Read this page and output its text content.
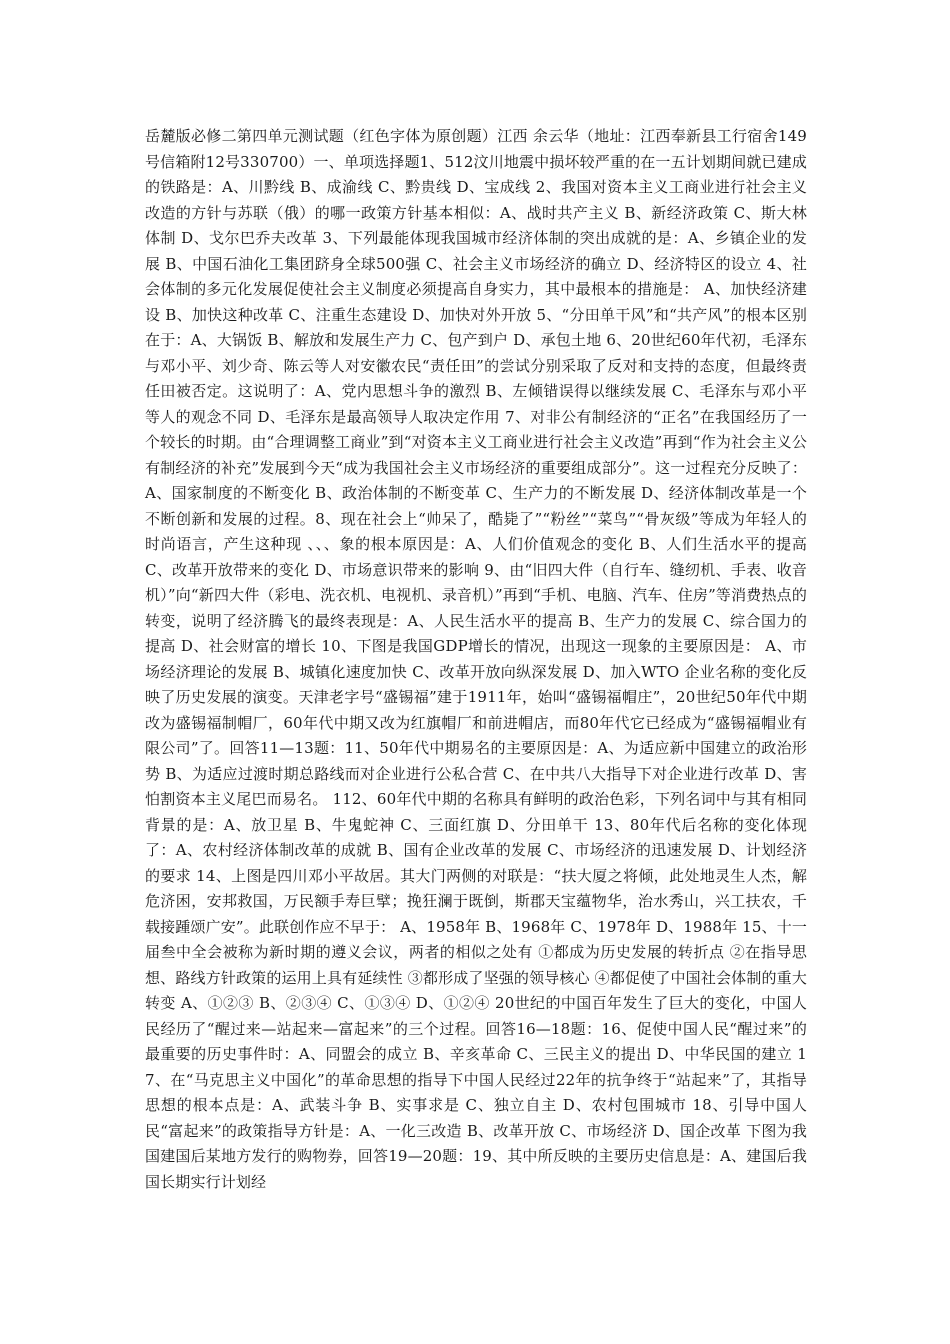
岳麓版必修二第四单元测试题（红色字体为原创题）江西 余云华（地址：江西奉新县工行宿舍149号信箱附12号330700）一、单项选择题1、512汶川地震中损坏较严重的在一五计划期间就已建成的铁路是：A、川黔线 B、成渝线 C、黔贵线 D、宝成线 2、我国对资本主义工商业进行社会主义改造的方针与苏联（俄）的哪一政策方针基本相似：A、战时共产主义 B、新经济政策 C、斯大林体制 D、戈尔巴乔夫改革 3、下列最能体现我国城市经济体制的突出成就的是：A、乡镇企业的发展 B、中国石油化工集团跻身全球500强 C、社会主义市场经济的确立 D、经济特区的设立 4、社会体制的多元化发展促使社会主义制度必须提高自身实力，其中最根本的措施是： A、加快经济建设 B、加快这种改革 C、注重生态建设 D、加快对外开放 5、“分田单干风”和“共产风”的根本区别在于：A、大锅饭 B、解放和发展生产力 C、包产到户 D、承包土地 6、20世纪60年代初，毛泽东与邓小平、刘少奇、陈云等人对安徽农民“责任田”的尝试分别采取了反对和支持的态度，但最终责任田被否定。这说明了：A、党内思想斗争的激烈 B、左倾错误得以继续发展 C、毛泽东与邓小平等人的观念不同 D、毛泽东是最高领导人取决定作用 7、对非公有制经济的“正名”在我国经历了一个较长的时期。由“合理调整工商业”到“对资本主义工商业进行社会主义改造”再到“作为社会主义公有制经济的补充”发展到今天“成为我国社会主义市场经济的重要组成部分”。这一过程充分反映了：A、国家制度的不断变化 B、政治体制的不断变革 C、生产力的不断发展 D、经济体制改革是一个不断创新和发展的过程。8、现在社会上“帅呆了，酷毙了”“粉丝”“菜鸟”“骨灰级”等成为年轻人的时尚语言，产生这种现 、、、象的根本原因是：A、人们价值观念的变化 B、人们生活水平的提高 C、改革开放带来的变化 D、市场意识带来的影响 9、由“旧四大件（自行车、缝纫机、手表、收音机）”向“新四大件（彩电、洗衣机、电视机、录音机）”再到“手机、电脑、汽车、住房”等消费热点的转变，说明了经济腾飞的最终表现是：A、人民生活水平的提高 B、生产力的发展 C、综合国力的提高 D、社会财富的增长 10、下图是我国GDP增长的情况，出现这一现象的主要原因是： A、市场经济理论的发展 B、城镇化速度加快 C、改革开放向纵深发展 D、加入WTO 企业名称的变化反映了历史发展的演变。天津老字号“盛锡福”建于1911年，始叫“盛锡福帽庄”，20世纪50年代中期改为盛锡福制帽厂，60年代中期又改为红旗帽厂和前进帽店，而80年代它已经成为“盛锡福帽业有限公司”了。回答11—13题：11、50年代中期易名的主要原因是：A、为适应新中国建立的政治形势 B、为适应过渡时期总路线而对企业进行公私合营 C、在中共八大指导下对企业进行改革 D、害怕割资本主义尾巴而易名。 112、60年代中期的名称具有鲜明的政治色彩，下列名词中与其有相同背景的是：A、放卫星 B、牛鬼蛇神 C、三面红旗 D、分田单干 13、80年代后名称的变化体现了：A、农村经济体制改革的成就 B、国有企业改革的发展 C、市场经济的迅速发展 D、计划经济的要求 14、上图是四川邓小平故居。其大门两侧的对联是：“扶大厦之将倾，此处地灵生人杰，解危济困，安邦救国，万民额手寿巨擘；挽狂澜于既倒，斯郡天宝蕴物华，治水秀山，兴工扶农，千载接踵颂广安”。此联创作应不早于： A、1958年 B、1968年 C、1978年 D、1988年 15、十一届叁中全会被称为新时期的遵义会议，两者的相似之处有 ①都成为历史发展的转折点 ②在指导思想、路线方针政策的运用上具有延续性 ③都形成了坚强的领导核心 ④都促使了中国社会体制的重大转变 A、①②③ B、②③④ C、①③④ D、①②④ 20世纪的中国百年发生了巨大的变化，中国人民经历了“醒过来—站起来—富起来”的三个过程。回答16—18题：16、促使中国人民“醒过来”的最重要的历史事件时：A、同盟会的成立 B、辛亥革命 C、三民主义的提出 D、中华民国的建立 17、在“马克思主义中国化”的革命思想的指导下中国人民经过22年的抗争终于“站起来”了，其指导思想的根本点是：A、武装斗争 B、实事求是 C、独立自主 D、农村包围城市 18、引导中国人民“富起来”的政策指导方针是：A、一化三改造 B、改革开放 C、市场经济 D、国企改革 下图为我国建国后某地方发行的购物券，回答19—20题：19、其中所反映的主要历史信息是：A、建国后我国长期实行计划经
